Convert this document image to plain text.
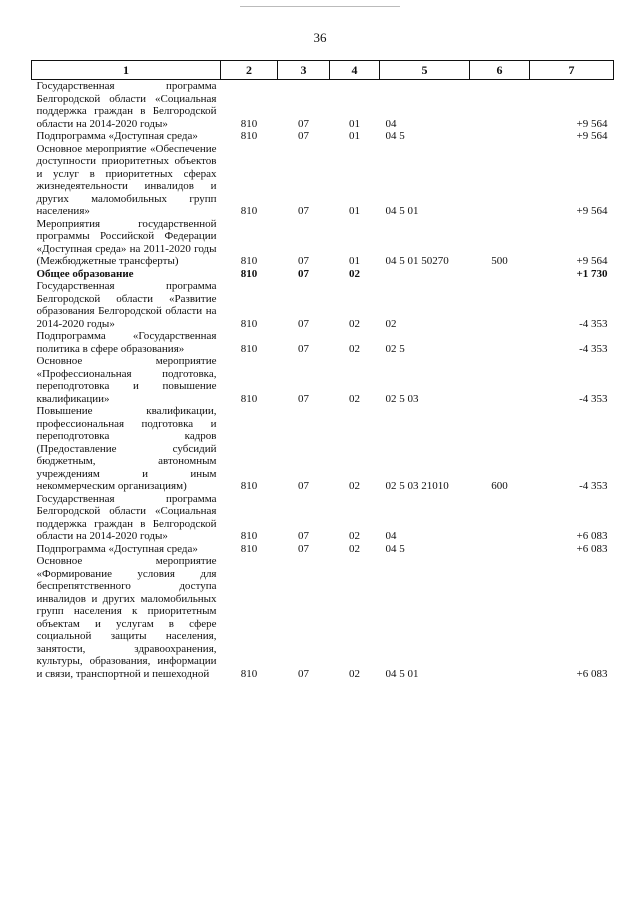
36
1	2	3	4	5	6	7
Государственная программа Белгородской области «Социальная поддержка граждан в Белгородской области на 2014-2020 годы»	810	07	01	04		+9 564
Подпрограмма «Доступная среда»	810	07	01	04 5		+9 564
Основное мероприятие «Обеспечение доступности приоритетных объектов и услуг в приоритетных сферах жизнедеятельности инвалидов и других маломобильных групп населения»	810	07	01	04 5 01		+9 564
Мероприятия государственной программы Российской Федерации «Доступная среда» на 2011-2020 годы (Межбюджетные трансферты)	810	07	01	04 5 01 50270	500	+9 564
Общее образование	810	07	02			+1 730
Государственная программа Белгородской области «Развитие образования Белгородской области на 2014-2020 годы»	810	07	02	02		-4 353
Подпрограмма «Государственная политика в сфере образования»	810	07	02	02 5		-4 353
Основное мероприятие «Профессиональная подготовка, переподготовка и повышение квалификации»	810	07	02	02 5 03		-4 353
Повышение квалификации, профессиональная подготовка и переподготовка кадров (Предоставление субсидий бюджетным, автономным учреждениям и иным некоммерческим организациям)	810	07	02	02 5 03 21010	600	-4 353
Государственная программа Белгородской области «Социальная поддержка граждан в Белгородской области на 2014-2020 годы»	810	07	02	04		+6 083
Подпрограмма «Доступная среда»	810	07	02	04 5		+6 083
Основное мероприятие «Формирование условия для беспрепятственного доступа инвалидов и других маломобильных групп населения к приоритетным объектам и услугам в сфере социальной защиты населения, занятости, здравоохранения, культуры, образования, информации и связи, транспортной и пешеходной	810	07	02	04 5 01		+6 083
